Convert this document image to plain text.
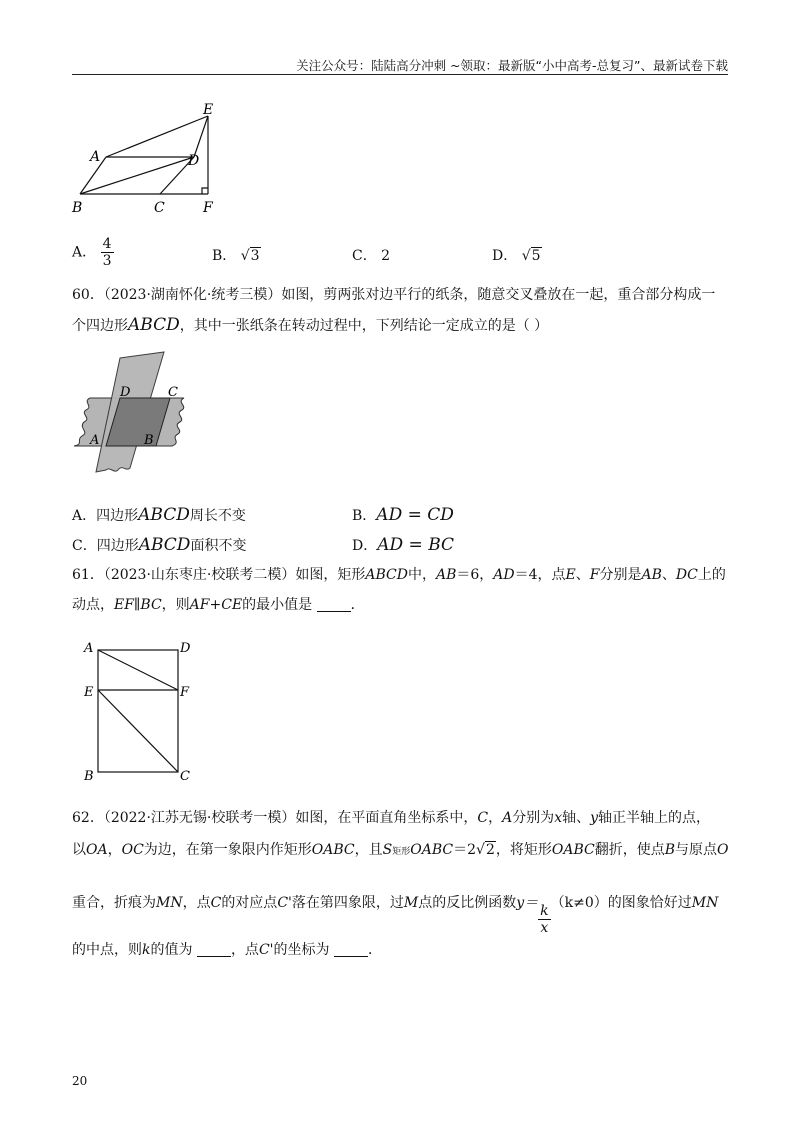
关注公众号：陆陆高分冲刺 ~领取：最新版“小中高考-总复习”、最新试卷下载
E
A	D
B	C	F
A． $\frac{4}{3}$	B． √3	C． 2	D． √5
60．（2023·湖南怀化·统考三模）如图，剪两张对边平行的纸条，随意交叉叠放在一起，重合部分构成一
个四边形ABCD，其中一张纸条在转动过程中，下列结论一定成立的是（ ）
D	C
A	B
A．四边形ABCD周长不变	B．AD = CD
C．四边形ABCD面积不变	D．AD = BC
61．（2023·山东枣庄·校联考二模）如图，矩形ABCD中，AB＝6，AD＝4，点E、F分别是AB、DC上的
动点，EF∥BC，则AF+CE的最小值是	．
A	D
E	F
B	C
62．（2022·江苏无锡·校联考一模）如图，在平面直角坐标系中，C，A分别为x轴、y轴正半轴上的点，
以OA，OC为边，在第一象限内作矩形OABC，且S矩形OABC＝2√2，将矩形OABC翻折，使点B与原点O
重合，折痕为MN，点C的对应点C'落在第四象限，过M点的反比例函数$y= \frac{k}{x} (k\ne 0)$的图象恰好过MN
的中点，则k的值为	，点C'的坐标为	．
20
